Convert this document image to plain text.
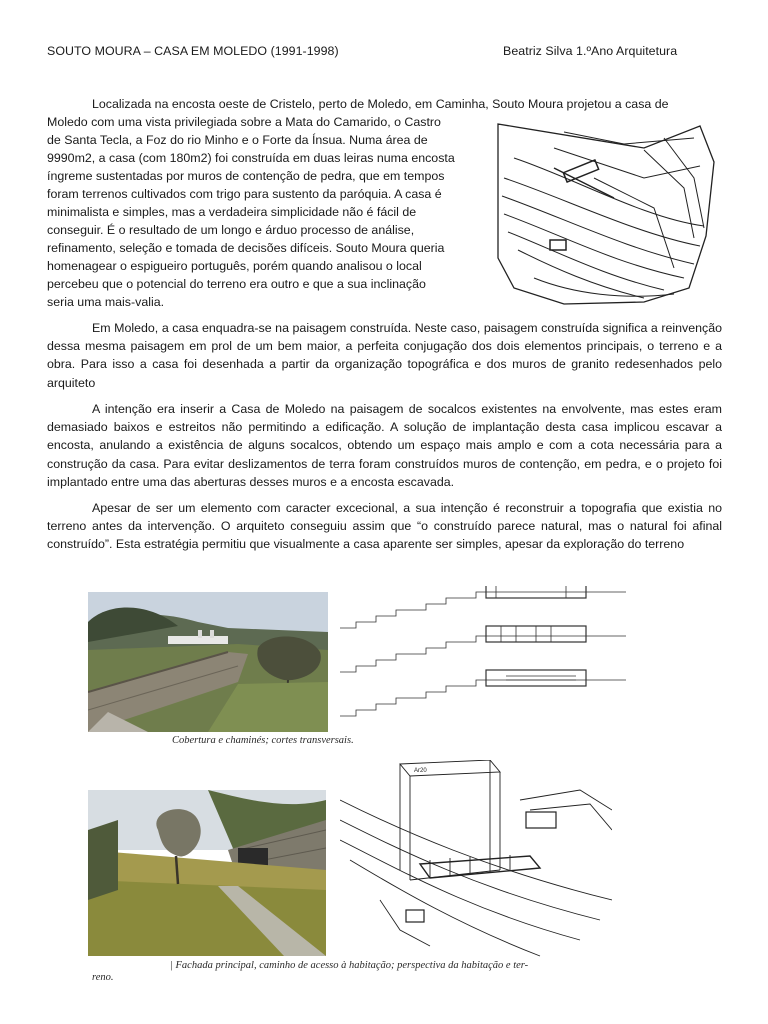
SOUTO MOURA – CASA EM MOLEDO (1991-1998)	Beatriz Silva 1.ºAno Arquitetura
Localizada na encosta oeste de Cristelo, perto de Moledo, em Caminha, Souto Moura projetou a casa de
Moledo com uma vista privilegiada sobre a Mata do Camarido, o Castro
de Santa Tecla, a Foz do rio Minho e o Forte da Ínsua. Numa área de
9990m2, a casa (com 180m2) foi construída em duas leiras numa encosta
íngreme sustentadas por muros de contenção de pedra, que em tempos
foram terrenos cultivados com trigo para sustento da paróquia. A casa é
minimalista e simples, mas a verdadeira simplicidade não é fácil de
conseguir. É o resultado de um longo e árduo processo de análise,
refinamento, seleção e tomada de decisões difíceis. Souto Moura queria
homenagear o espigueiro português, porém quando analisou o local
percebeu que o potencial do terreno era outro e que a sua inclinação
seria uma mais-valia.

Em Moledo, a casa enquadra-se na paisagem construída. Neste caso, paisagem construída significa a reinvenção dessa mesma paisagem em prol de um bem maior, a perfeita conjugação dos dois elementos principais, o terreno e a obra. Para isso a casa foi desenhada a partir da organização topográfica e dos muros de granito redesenhados pelo arquiteto

A intenção era inserir a Casa de Moledo na paisagem de socalcos existentes na envolvente, mas estes eram demasiado baixos e estreitos não permitindo a edificação. A solução de implantação desta casa implicou escavar a encosta, anulando a existência de alguns socalcos, obtendo um espaço mais amplo e com a cota necessária para a construção da casa. Para evitar deslizamentos de terra foram construídos muros de contenção, em pedra, e o projeto foi implantado entre uma das aberturas desses muros e a encosta escavada.

Apesar de ser um elemento com caracter excecional, a sua intenção é reconstruir a topografia que existia no terreno antes da intervenção. O arquiteto conseguiu assim que “o construído parece natural, mas o natural foi afinal construído”. Esta estratégia permitiu que visualmente a casa aparente ser simples, apesar da exploração do terreno

Cobertura e chaminés; cortes transversais.
Ar20
| Fachada principal, caminho de acesso à habitação; perspectiva da habitação e ter-
reno.
